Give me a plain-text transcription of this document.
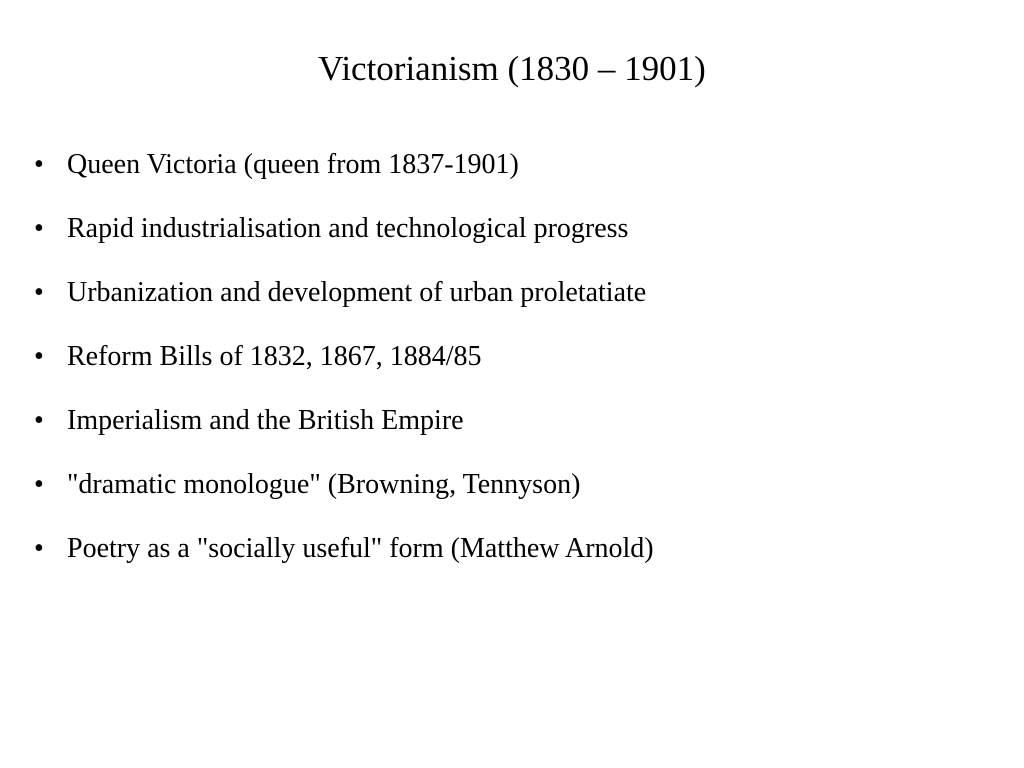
Victorianism (1830 – 1901)
• Queen Victoria (queen from 1837-1901)
• Rapid industrialisation and technological progress
• Urbanization and development of urban proletatiate
• Reform Bills of 1832, 1867, 1884/85
• Imperialism and the British Empire
• "dramatic monologue" (Browning, Tennyson)
• Poetry as a "socially useful" form (Matthew Arnold)
